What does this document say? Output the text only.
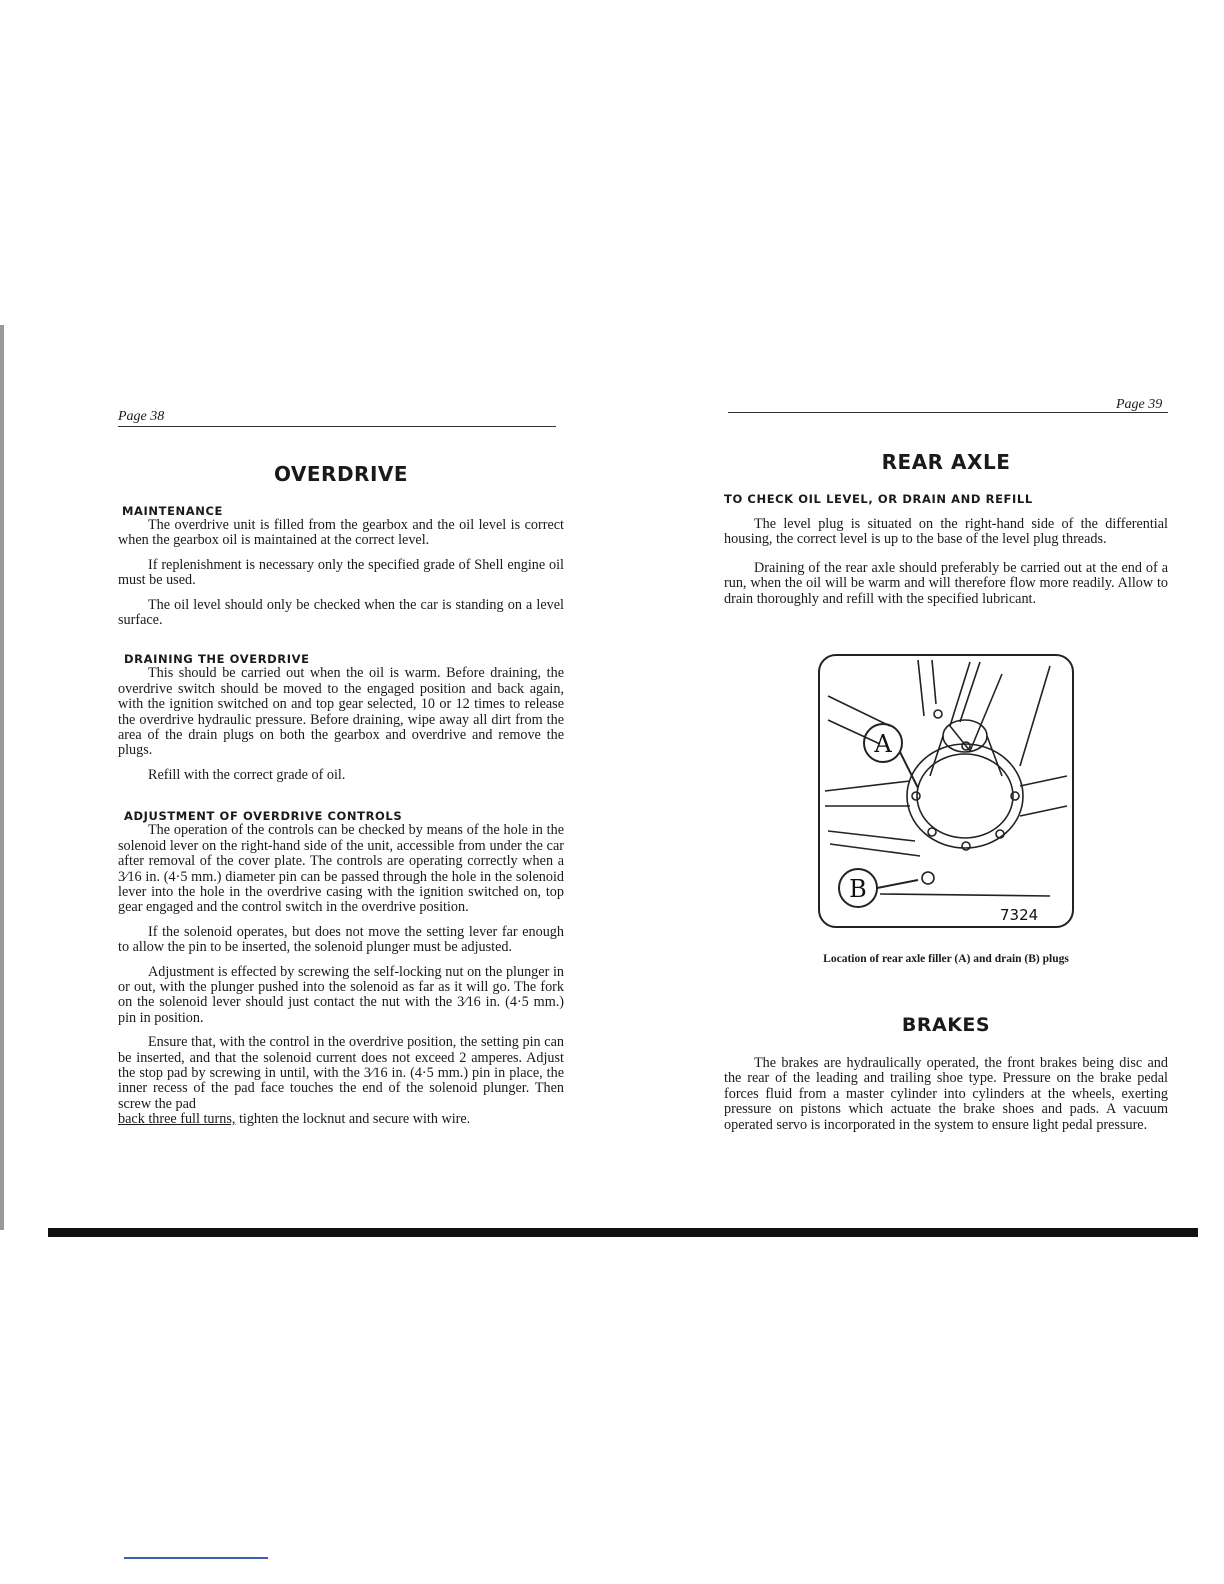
Page 38
OVERDRIVE
MAINTENANCE

The overdrive unit is filled from the gearbox and the oil level is correct when the gearbox oil is maintained at the correct level.

If replenishment is necessary only the specified grade of Shell engine oil must be used.

The oil level should only be checked when the car is standing on a level surface.

DRAINING THE OVERDRIVE

This should be carried out when the oil is warm. Before draining, the overdrive switch should be moved to the engaged position and back again, with the ignition switched on and top gear selected, 10 or 12 times to release the overdrive hydraulic pressure. Before draining, wipe away all dirt from the area of the drain plugs on both the gearbox and overdrive and remove the plugs.

Refill with the correct grade of oil.

ADJUSTMENT OF OVERDRIVE CONTROLS

The operation of the controls can be checked by means of the hole in the solenoid lever on the right-hand side of the unit, accessible from under the car after removal of the cover plate. The controls are operating correctly when a 3⁄16 in. (4·5 mm.) diameter pin can be passed through the hole in the solenoid lever into the hole in the overdrive casing with the ignition switched on, top gear engaged and the control switch in the overdrive position.

If the solenoid operates, but does not move the setting lever far enough to allow the pin to be inserted, the solenoid plunger must be adjusted.

Adjustment is effected by screwing the self-locking nut on the plunger in or out, with the plunger pushed into the solenoid as far as it will go. The fork on the solenoid lever should just contact the nut with the 3⁄16 in. (4·5 mm.) pin in position.

Ensure that, with the control in the overdrive position, the setting pin can be inserted, and that the solenoid current does not exceed 2 amperes. Adjust the stop pad by screwing in until, with the 3⁄16 in. (4·5 mm.) pin in place, the inner recess of the pad face touches the end of the solenoid plunger. Then screw the pad

back three full turns, tighten the locknut and secure with wire.

Page 39
REAR AXLE
TO CHECK OIL LEVEL, OR DRAIN AND REFILL

The level plug is situated on the right-hand side of the differential housing, the correct level is up to the base of the level plug threads.

Draining of the rear axle should preferably be carried out at the end of a run, when the oil will be warm and will therefore flow more readily. Allow to drain thoroughly and refill with the specified lubricant.

A
B
7324
Location of rear axle filler (A) and drain (B) plugs
BRAKES

The brakes are hydraulically operated, the front brakes being disc and the rear of the leading and trailing shoe type. Pressure on the brake pedal forces fluid from a master cylinder into cylinders at the wheels, exerting pressure on pistons which actuate the brake shoes and pads. A vacuum operated servo is incorporated in the system to ensure light pedal pressure.
